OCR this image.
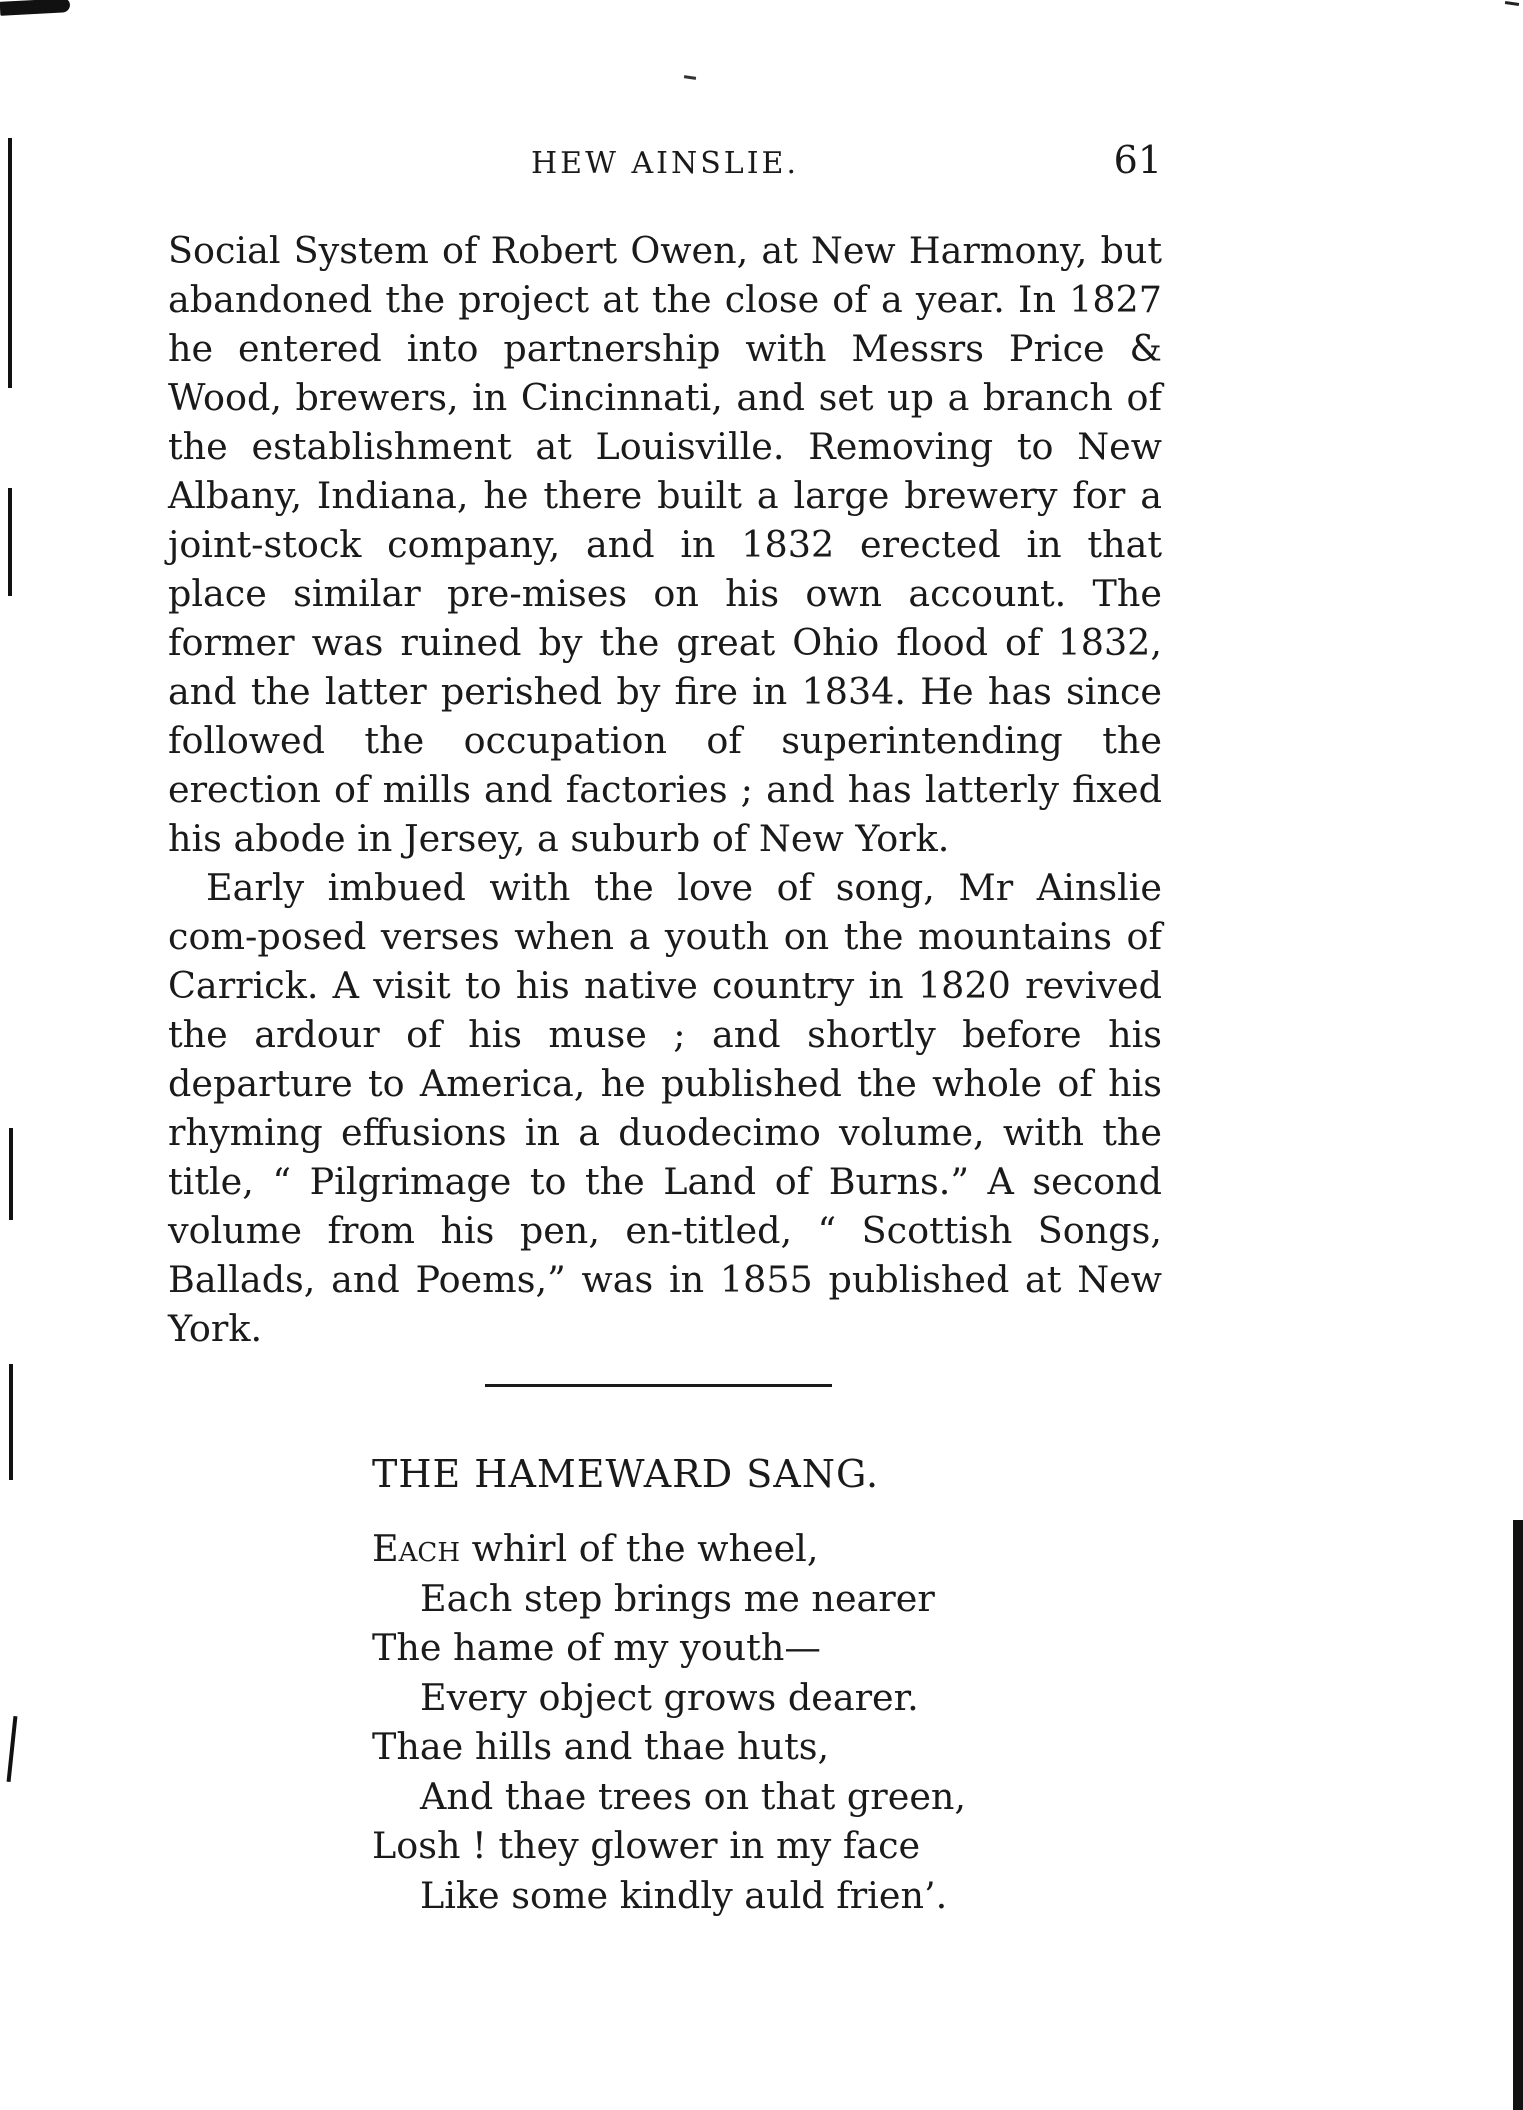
HEW AINSLIE.	61

Social System of Robert Owen, at New Harmony, but abandoned the project at the close of a year. In 1827 he entered into partnership with Messrs Price & Wood, brewers, in Cincinnati, and set up a branch of the establishment at Louisville. Removing to New Albany, Indiana, he there built a large brewery for a joint-stock company, and in 1832 erected in that place similar pre-mises on his own account. The former was ruined by the great Ohio flood of 1832, and the latter perished by fire in 1834. He has since followed the occupation of superintending the erection of mills and factories ; and has latterly fixed his abode in Jersey, a suburb of New York.

Early imbued with the love of song, Mr Ainslie com-posed verses when a youth on the mountains of Carrick. A visit to his native country in 1820 revived the ardour of his muse ; and shortly before his departure to America, he published the whole of his rhyming effusions in a duodecimo volume, with the title, “ Pilgrimage to the Land of Burns.” A second volume from his pen, en-titled, “ Scottish Songs, Ballads, and Poems,” was in 1855 published at New York.

THE HAMEWARD SANG.
Each whirl of the wheel,
Each step brings me nearer
The hame of my youth—
Every object grows dearer.
Thae hills and thae huts,
And thae trees on that green,
Losh ! they glower in my face
Like some kindly auld frien’.
